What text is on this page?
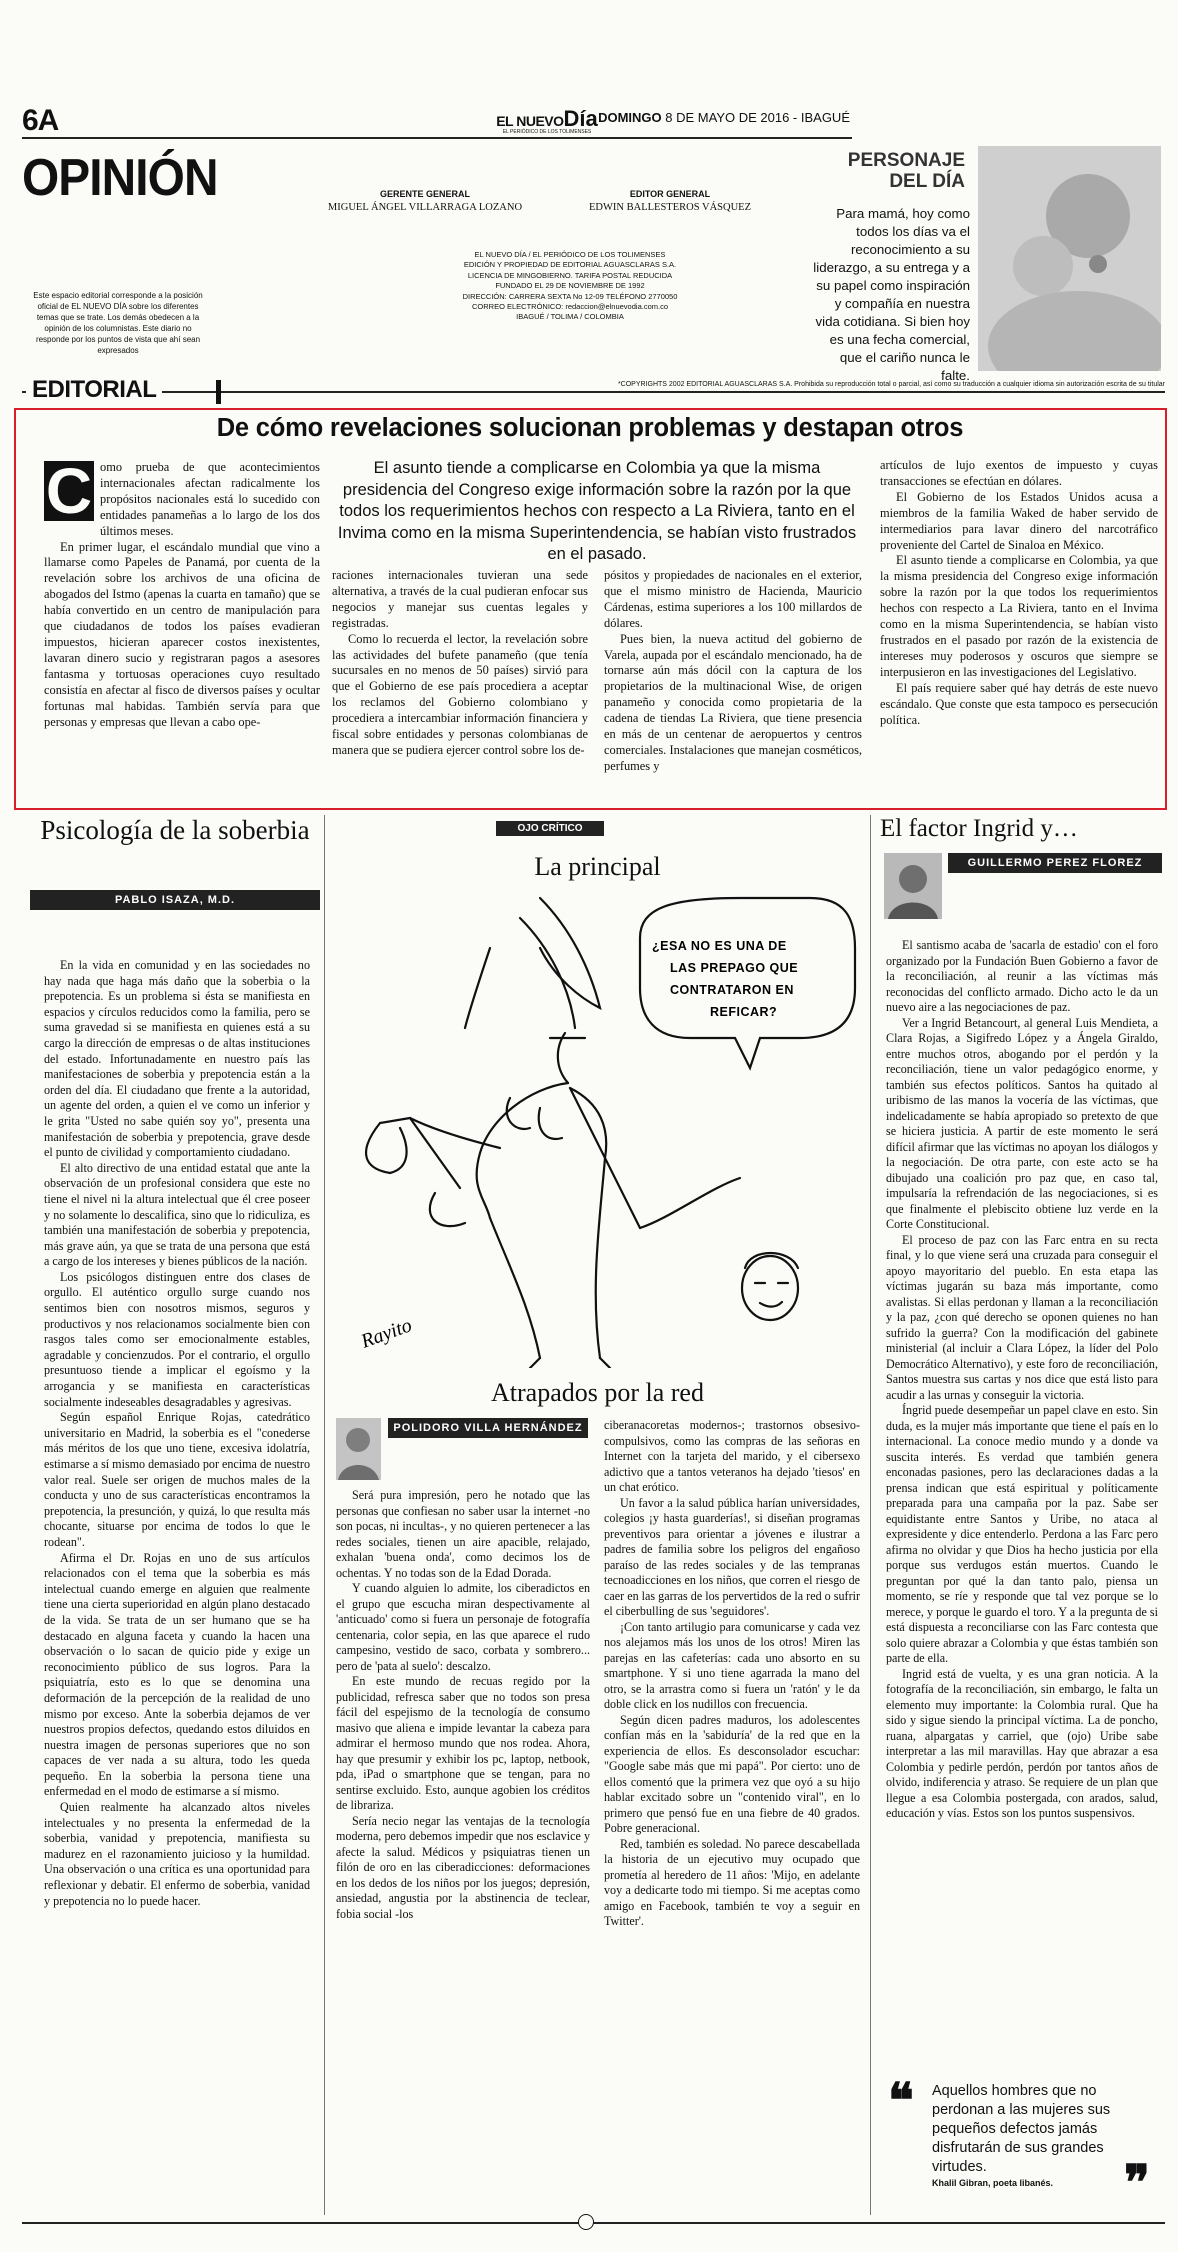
6A	EL NUEVODía
EL PERIÓDICO DE LOS TOLIMENSES
DOMINGO 8 DE MAYO DE 2016 - IBAGUÉ
OPINIÓN	GERENTE GENERAL
MIGUEL ÁNGEL VILLARRAGA LOZANO
EDITOR GENERAL
EDWIN BALLESTEROS VÁSQUEZ
EL NUEVO DÍA / EL PERIÓDICO DE LOS TOLIMENSES
EDICIÓN Y PROPIEDAD DE EDITORIAL AGUASCLARAS S.A.
LICENCIA DE MINGOBIERNO. TARIFA POSTAL REDUCIDA
FUNDADO EL 29 DE NOVIEMBRE DE 1992
DIRECCIÓN: CARRERA SEXTA No 12-09 TELÉFONO 2770050
CORREO ELECTRÓNICO: redaccion@elnuevodia.com.co
IBAGUÉ / TOLIMA / COLOMBIA
Este espacio editorial corresponde a la posición oficial de EL NUEVO DÍA sobre los diferentes temas que se trate. Los demás obedecen a la opinión de los columnistas. Este diario no responde por los puntos de vista que ahí sean expresados
PERSONAJE
DEL DÍA
Para mamá, hoy como todos los días va el reconocimiento a su liderazgo, a su entrega y a su papel como inspiración y compañía en nuestra vida cotidiana. Si bien hoy es una fecha comercial, que el cariño nunca le falte.
*COPYRIGHTS 2002 EDITORIAL AGUASCLARAS S.A. Prohibida su reproducción total o parcial, así como su traducción a cualquier idioma sin autorización escrita de su titular
EDITORIAL
De cómo revelaciones solucionan problemas y destapan otros
C omo prueba de que acontecimientos internacionales afectan radicalmente los propósitos nacionales está lo sucedido con entidades panameñas a lo largo de los dos últimos meses.

En primer lugar, el escándalo mundial que vino a llamarse como Papeles de Panamá, por cuenta de la revelación sobre los archivos de una oficina de abogados del Istmo (apenas la cuarta en tamaño) que se había convertido en un centro de manipulación para que ciudadanos de todos los países evadieran impuestos, hicieran aparecer costos inexistentes, lavaran dinero sucio y registraran pagos a asesores fantasma y tortuosas operaciones cuyo resultado consistía en afectar al fisco de diversos países y ocultar fortunas mal habidas. También servía para que personas y empresas que llevan a cabo ope-

El asunto tiende a complicarse en Colombia ya que la misma presidencia del Congreso exige información sobre la razón por la que todos los requerimientos hechos con respecto a La Riviera, tanto en el Invima como en la misma Superintendencia, se habían visto frustrados en el pasado.

raciones internacionales tuvieran una sede alternativa, a través de la cual pudieran enfocar sus negocios y manejar sus cuentas legales y registradas.

Como lo recuerda el lector, la revelación sobre las actividades del bufete panameño (que tenía sucursales en no menos de 50 países) sirvió para que el Gobierno de ese país procediera a aceptar los reclamos del Gobierno colombiano y procediera a intercambiar información financiera y fiscal sobre entidades y personas colombianas de manera que se pudiera ejercer control sobre los de-

pósitos y propiedades de nacionales en el exterior, que el mismo ministro de Hacienda, Mauricio Cárdenas, estima superiores a los 100 millardos de dólares.

Pues bien, la nueva actitud del gobierno de Varela, aupada por el escándalo mencionado, ha de tornarse aún más dócil con la captura de los propietarios de la multinacional Wise, de origen panameño y conocida como propietaria de la cadena de tiendas La Riviera, que tiene presencia en más de un centenar de aeropuertos y centros comerciales. Instalaciones que manejan cosméticos, perfumes y

artículos de lujo exentos de impuesto y cuyas transacciones se efectúan en dólares.

El Gobierno de los Estados Unidos acusa a miembros de la familia Waked de haber servido de intermediarios para lavar dinero del narcotráfico proveniente del Cartel de Sinaloa en México.

El asunto tiende a complicarse en Colombia, ya que la misma presidencia del Congreso exige información sobre la razón por la que todos los requerimientos hechos con respecto a La Riviera, tanto en el Invima como en la misma Superintendencia, se habían visto frustrados en el pasado por razón de la existencia de intereses muy poderosos y oscuros que siempre se interpusieron en las investigaciones del Legislativo.

El país requiere saber qué hay detrás de este nuevo escándalo. Que conste que esta tampoco es persecución política.

Psicología de la soberbia
PABLO ISAZA, M.D.

En la vida en comunidad y en las sociedades no hay nada que haga más daño que la soberbia o la prepotencia. Es un problema si ésta se manifiesta en espacios y círculos reducidos como la familia, pero se suma gravedad si se manifiesta en quienes está a su cargo la dirección de empresas o de altas instituciones del estado. Infortunadamente en nuestro país las manifestaciones de soberbia y prepotencia están a la orden del día. El ciudadano que frente a la autoridad, un agente del orden, a quien el ve como un inferior y le grita "Usted no sabe quién soy yo", presenta una manifestación de soberbia y prepotencia, grave desde el punto de civilidad y comportamiento ciudadano.

El alto directivo de una entidad estatal que ante la observación de un profesional considera que este no tiene el nivel ni la altura intelectual que él cree poseer y no solamente lo descalifica, sino que lo ridiculiza, es también una manifestación de soberbia y prepotencia, más grave aún, ya que se trata de una persona que está a cargo de los intereses y bienes públicos de la nación.

Los psicólogos distinguen entre dos clases de orgullo. El auténtico orgullo surge cuando nos sentimos bien con nosotros mismos, seguros y productivos y nos relacionamos socialmente bien con rasgos tales como ser emocionalmente estables, agradable y concienzudos. Por el contrario, el orgullo presuntuoso tiende a implicar el egoísmo y la arrogancia y se manifiesta en características socialmente indeseables desagradables y agresivas.

Según español Enrique Rojas, catedrático universitario en Madrid, la soberbia es el "conederse más méritos de los que uno tiene, excesiva idolatría, estimarse a sí mismo demasiado por encima de nuestro valor real. Suele ser origen de muchos males de la conducta y uno de sus características encontramos la prepotencia, la presunción, y quizá, lo que resulta más chocante, situarse por encima de todos lo que le rodean".

Afirma el Dr. Rojas en uno de sus artículos relacionados con el tema que la soberbia es más intelectual cuando emerge en alguien que realmente tiene una cierta superioridad en algún plano destacado de la vida. Se trata de un ser humano que se ha destacado en alguna faceta y cuando la hacen una observación o lo sacan de quicio pide y exige un reconocimiento público de sus logros. Para la psiquiatría, esto es lo que se denomina una deformación de la percepción de la realidad de uno mismo por exceso. Ante la soberbia dejamos de ver nuestros propios defectos, quedando estos diluidos en nuestra imagen de personas superiores que no son capaces de ver nada a su altura, todo les queda pequeño. En la soberbia la persona tiene una enfermedad en el modo de estimarse a sí mismo.

Quien realmente ha alcanzado altos niveles intelectuales y no presenta la enfermedad de la soberbia, vanidad y prepotencia, manifiesta su madurez en el razonamiento juicioso y la humildad. Una observación o una crítica es una oportunidad para reflexionar y debatir. El enfermo de soberbia, vanidad y prepotencia no lo puede hacer.

OJO CRÍTICO
La principal
¿ESA NO ES UNA DE LAS PREPAGO QUE CONTRATARON EN REFICAR?
Rayito
Atrapados por la red
POLIDORO VILLA HERNÁNDEZ

Será pura impresión, pero he notado que las personas que confiesan no saber usar la internet -no son pocas, ni incultas-, y no quieren pertenecer a las redes sociales, tienen un aire apacible, relajado, exhalan 'buena onda', como decimos los de ochentas. Y no todas son de la Edad Dorada.

Y cuando alguien lo admite, los ciberadictos en el grupo que escucha miran despectivamente al 'anticuado' como si fuera un personaje de fotografía centenaria, color sepia, en las que aparece el rudo campesino, vestido de saco, corbata y sombrero... pero de 'pata al suelo': descalzo.

En este mundo de recuas regido por la publicidad, refresca saber que no todos son presa fácil del espejismo de la tecnología de consumo masivo que aliena e impide levantar la cabeza para admirar el hermoso mundo que nos rodea. Ahora, hay que presumir y exhibir los pc, laptop, netbook, pda, iPad o smartphone que se tengan, para no sentirse excluido. Esto, aunque agobien los créditos de librariza.

Sería necio negar las ventajas de la tecnología moderna, pero debemos impedir que nos esclavice y afecte la salud. Médicos y psiquiatras tienen un filón de oro en las ciberadicciones: deformaciones en los dedos de los niños por los juegos; depresión, ansiedad, angustia por la abstinencia de teclear, fobia social -los

ciberanacoretas modernos-; trastornos obsesivo-compulsivos, como las compras de las señoras en Internet con la tarjeta del marido, y el cibersexo adictivo que a tantos veteranos ha dejado 'tiesos' en un chat erótico.

Un favor a la salud pública harían universidades, colegios ¡y hasta guarderías!, si diseñan programas preventivos para orientar a jóvenes e ilustrar a padres de familia sobre los peligros del engañoso paraíso de las redes sociales y de las tempranas tecnoadicciones en los niños, que corren el riesgo de caer en las garras de los pervertidos de la red o sufrir el ciberbulling de sus 'seguidores'.

¡Con tanto artilugio para comunicarse y cada vez nos alejamos más los unos de los otros! Miren las parejas en las cafeterías: cada uno absorto en su smartphone. Y si uno tiene agarrada la mano del otro, se la arrastra como si fuera un 'ratón' y le da doble click en los nudillos con frecuencia.

Según dicen padres maduros, los adolescentes confían más en la 'sabiduría' de la red que en la experiencia de ellos. Es desconsolador escuchar: "Google sabe más que mi papá". Por cierto: uno de ellos comentó que la primera vez que oyó a su hijo hablar excitado sobre un "contenido viral", en lo primero que pensó fue en una fiebre de 40 grados. Pobre generacional.

Red, también es soledad. No parece descabellada la historia de un ejecutivo muy ocupado que prometía al heredero de 11 años: 'Mijo, en adelante voy a dedicarte todo mi tiempo. Si me aceptas como amigo en Facebook, también te voy a seguir en Twitter'.

El factor Ingrid y…
GUILLERMO PEREZ FLOREZ

El santismo acaba de 'sacarla de estadio' con el foro organizado por la Fundación Buen Gobierno a favor de la reconciliación, al reunir a las víctimas más reconocidas del conflicto armado. Dicho acto le da un nuevo aire a las negociaciones de paz.

Ver a Ingrid Betancourt, al general Luis Mendieta, a Clara Rojas, a Sigifredo López y a Ángela Giraldo, entre muchos otros, abogando por el perdón y la reconciliación, tiene un valor pedagógico enorme, y también sus efectos políticos. Santos ha quitado al uribismo de las manos la vocería de las víctimas, que indelicadamente se había apropiado so pretexto de que se hiciera justicia. A partir de este momento le será difícil afirmar que las víctimas no apoyan los diálogos y la negociación. De otra parte, con este acto se ha dibujado una coalición pro paz que, en caso tal, impulsaría la refrendación de las negociaciones, si es que finalmente el plebiscito obtiene luz verde en la Corte Constitucional.

El proceso de paz con las Farc entra en su recta final, y lo que viene será una cruzada para conseguir el apoyo mayoritario del pueblo. En esta etapa las víctimas jugarán su baza más importante, como avalistas. Si ellas perdonan y llaman a la reconciliación y la paz, ¿con qué derecho se oponen quienes no han sufrido la guerra? Con la modificación del gabinete ministerial (al incluir a Clara López, la líder del Polo Democrático Alternativo), y este foro de reconciliación, Santos muestra sus cartas y nos dice que está listo para acudir a las urnas y conseguir la victoria.

Íngrid puede desempeñar un papel clave en esto. Sin duda, es la mujer más importante que tiene el país en lo internacional. La conoce medio mundo y a donde va suscita interés. Es verdad que también genera enconadas pasiones, pero las declaraciones dadas a la prensa indican que está espiritual y políticamente preparada para una campaña por la paz. Sabe ser equidistante entre Santos y Uribe, no ataca al expresidente y dice entenderlo. Perdona a las Farc pero afirma no olvidar y que Dios ha hecho justicia por ella porque sus verdugos están muertos. Cuando le preguntan por qué la dan tanto palo, piensa un momento, se ríe y responde que tal vez porque se lo merece, y porque le guardo el toro. Y a la pregunta de si está dispuesta a reconciliarse con las Farc contesta que solo quiere abrazar a Colombia y que éstas también son parte de ella.

Ingrid está de vuelta, y es una gran noticia. A la fotografía de la reconciliación, sin embargo, le falta un elemento muy importante: la Colombia rural. Que ha sido y sigue siendo la principal víctima. La de poncho, ruana, alpargatas y carriel, que (ojo) Uribe sabe interpretar a las mil maravillas. Hay que abrazar a esa Colombia y pedirle perdón, perdón por tantos años de olvido, indiferencia y atraso. Se requiere de un plan que llegue a esa Colombia postergada, con arados, salud, educación y vías. Estos son los puntos suspensivos.

❝ Aquellos hombres que no perdonan a las mujeres sus pequeños defectos jamás disfrutarán de sus grandes virtudes.
Khalil Gibran, poeta libanés. ❞
